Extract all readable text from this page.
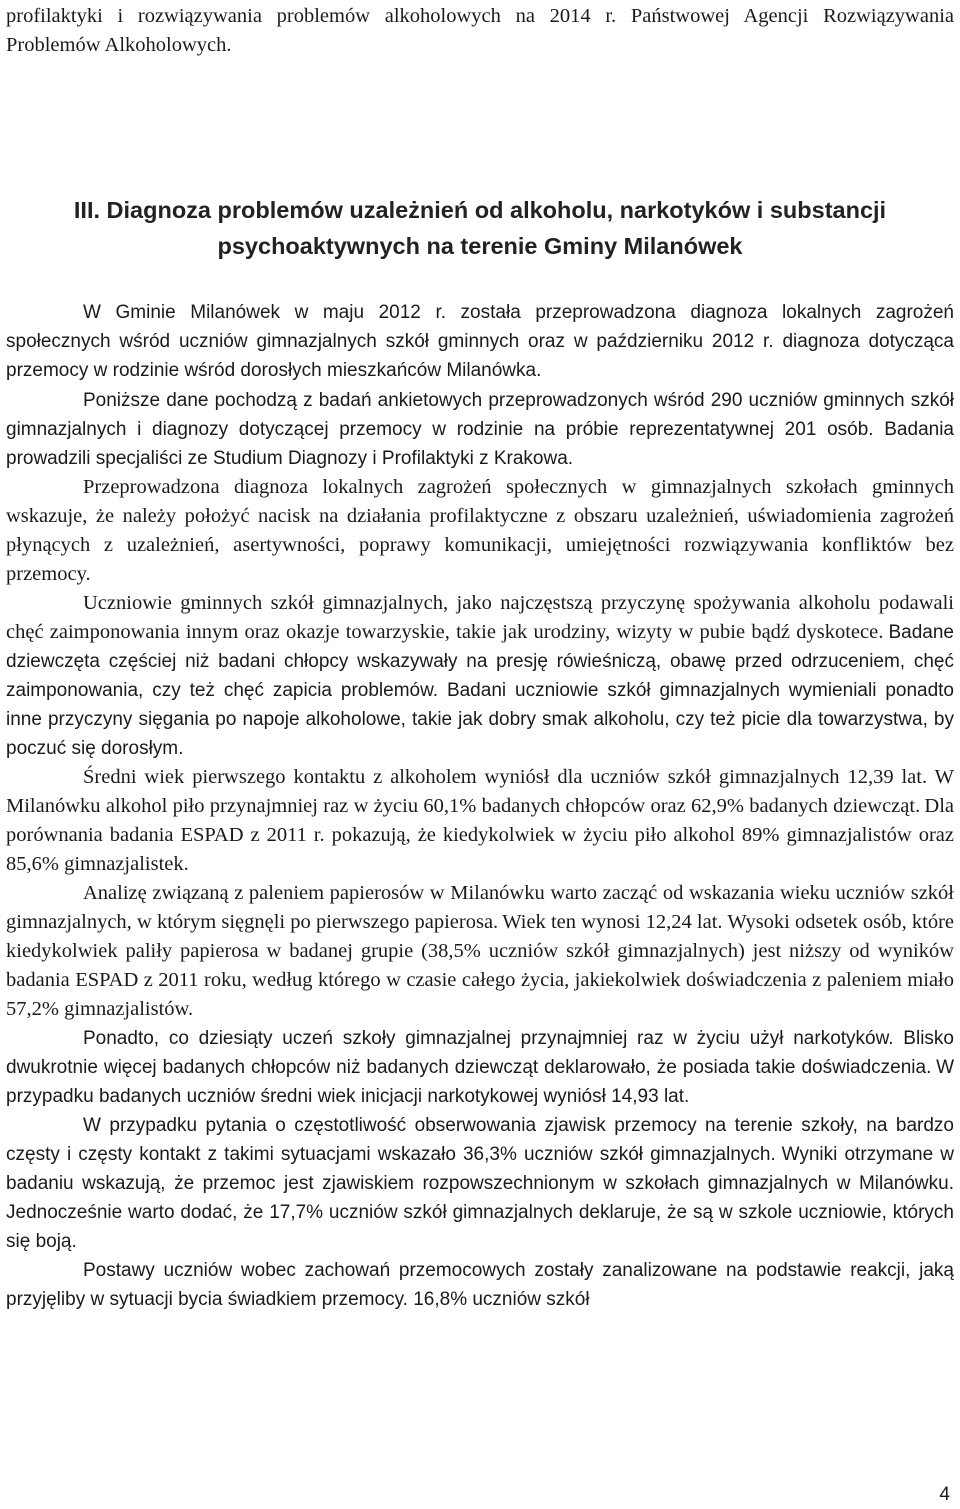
profilaktyki i rozwiązywania problemów alkoholowych na 2014 r. Państwowej Agencji Rozwiązywania Problemów Alkoholowych.

III. Diagnoza problemów uzależnień od alkoholu, narkotyków i substancji
psychoaktywnych na terenie Gminy Milanówek

W Gminie Milanówek w maju 2012 r. została przeprowadzona diagnoza lokalnych zagrożeń społecznych wśród uczniów gimnazjalnych szkół gminnych oraz w październiku 2012 r. diagnoza dotycząca przemocy w rodzinie wśród dorosłych mieszkańców Milanówka.

Poniższe dane pochodzą z badań ankietowych przeprowadzonych wśród 290 uczniów gminnych szkół gimnazjalnych i diagnozy dotyczącej przemocy w rodzinie na próbie reprezentatywnej 201 osób. Badania prowadzili specjaliści ze Studium Diagnozy i Profilaktyki z Krakowa.

Przeprowadzona diagnoza lokalnych zagrożeń społecznych w gimnazjalnych szkołach gminnych wskazuje, że należy położyć nacisk na działania profilaktyczne z obszaru uzależnień, uświadomienia zagrożeń płynących z uzależnień, asertywności, poprawy komunikacji, umiejętności rozwiązywania konfliktów bez przemocy.

Uczniowie gminnych szkół gimnazjalnych, jako najczęstszą przyczynę spożywania alkoholu podawali chęć zaimponowania innym oraz okazje towarzyskie, takie jak urodziny, wizyty w pubie bądź dyskotece. Badane dziewczęta częściej niż badani chłopcy wskazywały na presję rówieśniczą, obawę przed odrzuceniem, chęć zaimponowania, czy też chęć zapicia problemów. Badani uczniowie szkół gimnazjalnych wymieniali ponadto inne przyczyny sięgania po napoje alkoholowe, takie jak dobry smak alkoholu, czy też picie dla towarzystwa, by poczuć się dorosłym.

Średni wiek pierwszego kontaktu z alkoholem wyniósł dla uczniów szkół gimnazjalnych 12,39 lat. W Milanówku alkohol piło przynajmniej raz w życiu 60,1% badanych chłopców oraz 62,9% badanych dziewcząt. Dla porównania badania ESPAD z 2011 r. pokazują, że kiedykolwiek w życiu piło alkohol 89% gimnazjalistów oraz 85,6% gimnazjalistek.

Analizę związaną z paleniem papierosów w Milanówku warto zacząć od wskazania wieku uczniów szkół gimnazjalnych, w którym sięgnęli po pierwszego papierosa. Wiek ten wynosi 12,24 lat. Wysoki odsetek osób, które kiedykolwiek paliły papierosa w badanej grupie (38,5% uczniów szkół gimnazjalnych) jest niższy od wyników badania ESPAD z 2011 roku, według którego w czasie całego życia, jakiekolwiek doświadczenia z paleniem miało 57,2% gimnazjalistów.

Ponadto, co dziesiąty uczeń szkoły gimnazjalnej przynajmniej raz w życiu użył narkotyków. Blisko dwukrotnie więcej badanych chłopców niż badanych dziewcząt deklarowało, że posiada takie doświadczenia. W przypadku badanych uczniów średni wiek inicjacji narkotykowej wyniósł 14,93 lat.

W przypadku pytania o częstotliwość obserwowania zjawisk przemocy na terenie szkoły, na bardzo częsty i częsty kontakt z takimi sytuacjami wskazało 36,3% uczniów szkół gimnazjalnych. Wyniki otrzymane w badaniu wskazują, że przemoc jest zjawiskiem rozpowszechnionym w szkołach gimnazjalnych w Milanówku. Jednocześnie warto dodać, że 17,7% uczniów szkół gimnazjalnych deklaruje, że są w szkole uczniowie, których się boją.

Postawy uczniów wobec zachowań przemocowych zostały zanalizowane na podstawie reakcji, jaką przyjęliby w sytuacji bycia świadkiem przemocy. 16,8% uczniów szkół

4
